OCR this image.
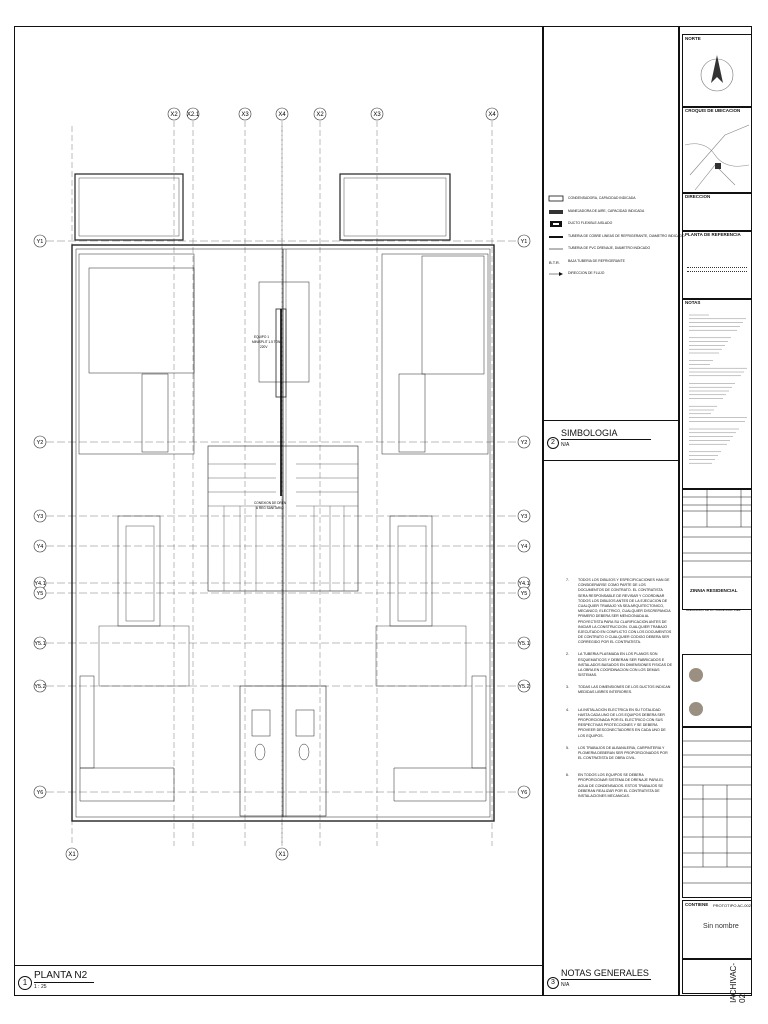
X2 X2.1	X3	X4	X2	X3	X4
X1	X1
Y1	Y1
Y2	Y2
Y3	Y3
Y4	Y4
Y4.1	Y4.1
Y5	Y5
Y5.1	Y5.1
Y5.2	Y5.2
Y6	Y6
EQUIPO 1
MINISPLIT 1.5 TON
220V
CONEXION DE DREN
A REG SANITARIO
1
PLANTA N2
1 : 25
CONDENSADORA, CAPACIDAD INDICADA
MANEJADORA DE AIRE, CAPACIDAD INDICADA
DUCTO FLEXIBLE AISLADO
TUBERIA DE COBRE LINEAS DE REFRIGERANTE, DIAMETRO INDICADO
TUBERIA DE PVC DRENAJE, DIAMETRO INDICADO
B.T.R. BAJA TUBERIA DE REFRIGERANTE
DIRECCION DE FLUJO
2
SIMBOLOGIA
N/A
7.	TODOS LOS DIBUJOS Y ESPECIFICACIONES HAN DE CONSIDERARSE COMO PARTE DE LOS DOCUMENTOS DE CONTRATO. EL CONTRATISTA SERA RESPONSABLE DE REVISAR Y COORDINAR TODOS LOS DIBUJOS ANTES DE LA EJECUCION DE CUALQUIER TRABAJO YA SEA ARQUITECTONICO, MECANICO, ELECTRICO, CUALQUIER DISCREPANCIA PRIMERO DEBERA SER MENCIONADA AL PROYECTISTA PARA SU CLARIFICACION ANTES DE INICIAR LA CONSTRUCCION. CUALQUIER TRABAJO EJECUTADO EN CONFLICTO CON LOS DOCUMENTOS DE CONTRATO O CUALQUIER CODIGO DEBERA SER CORREGIDO POR EL CONTRATISTA.
2.	LA TUBERIA PLASMADA EN LOS PLANOS SON ESQUEMATICOS Y DEBERAN SER FABRICADOS E INSTALADOS BASADOS EN DIMENSIONES FISICAS DE LA OBRA EN COORDINACION CON LOS DEMAS SISTEMAS.
3.	TODAS LAS DIMENSIONES DE LOS DUCTOS INDICAN MEDIDAS LIBRES INTERIORES.
4.	LA INSTALACION ELECTRICA EN SU TOTALIDAD HASTA CADA UNO DE LOS EQUIPOS DEBERA SER PROPORCIONADA POR EL ELECTRICO CON SUS RESPECTIVAS PROTECCIONES Y SE DEBERA PROVEER DESCONECTADORES EN CADA UNO DE LOS EQUIPOS.
5.	LOS TRABAJOS DE ALBANILERIA, CARPINTERIA Y PLOMERIA DEBERAN SER PROPORCIONADOS POR EL CONTRATISTA DE OBRA CIVIL.
6.	EN TODOS LOS EQUIPOS SE DEBERA PROPORCIONAR SISTEMA DE DRENAJE PARA EL AGUA DE CONDENSADOS. ESTOS TRABAJOS SE DEBERAN REALIZAR POR EL CONTRATISTA DE INSTALACIONES MECANICAS.
3
NOTAS GENERALES
N/A
NORTE
CROQUIS DE UBICACION
DIRECCION
PLANTA DE REFERENCIA
NOTAS
ZINNIA RESIDENCIAL
ALEJANDRO DE LA TORRE MARTINEZ
CONTIENE PROTOTIPO AC-002
Sin nombre
IACHIVAC-02
